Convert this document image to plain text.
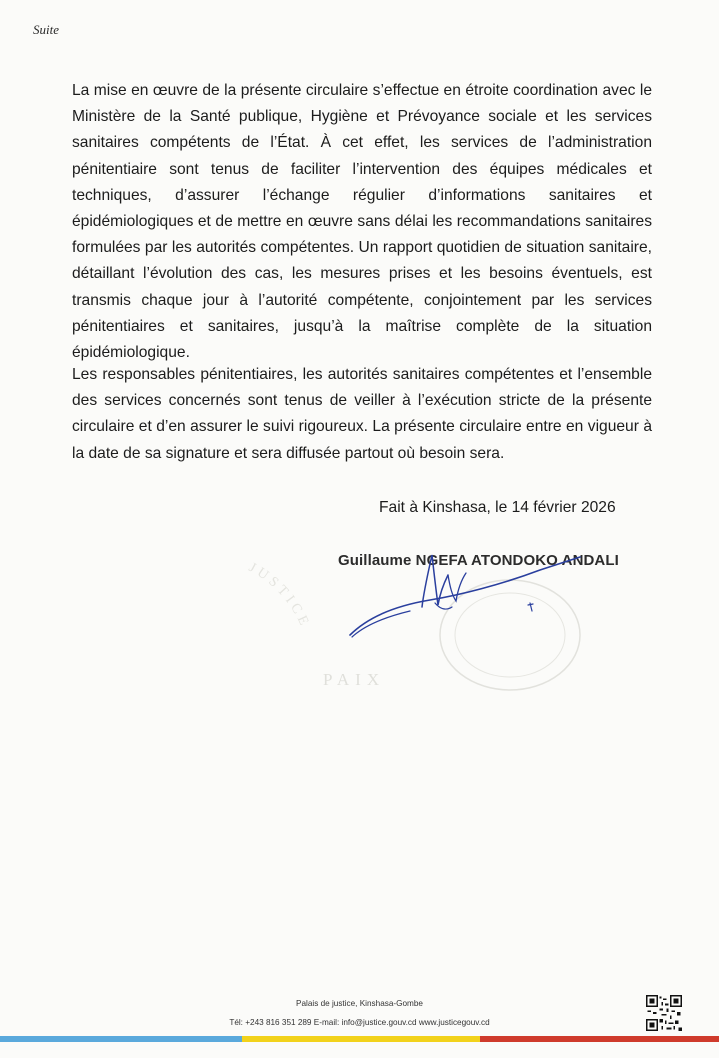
Suite

La mise en œuvre de la présente circulaire s’effectue en étroite coordination avec le Ministère de la Santé publique, Hygiène et Prévoyance sociale et les services sanitaires compétents de l’État. À cet effet, les services de l’administration pénitentiaire sont tenus de faciliter l’intervention des équipes médicales et techniques, d’assurer l’échange régulier d’informations sanitaires et épidémiologiques et de mettre en œuvre sans délai les recommandations sanitaires formulées par les autorités compétentes. Un rapport quotidien de situation sanitaire, détaillant l’évolution des cas, les mesures prises et les besoins éventuels, est transmis chaque jour à l’autorité compétente, conjointement par les services pénitentiaires et sanitaires, jusqu’à la maîtrise complète de la situation épidémiologique.

Les responsables pénitentiaires, les autorités sanitaires compétentes et l’ensemble des services concernés sont tenus de veiller à l’exécution stricte de la présente circulaire et d’en assurer le suivi rigoureux. La présente circulaire entre en vigueur à la date de sa signature et sera diffusée partout où besoin sera.

JUSTICE
PAIX
Fait à Kinshasa, le 14 février 2026
Guillaume NGEFA ATONDOKO ANDALI
Palais de justice, Kinshasa-Gombe
Tél: +243 816 351 289 E-mail: info@justice.gouv.cd www.justicegouv.cd
